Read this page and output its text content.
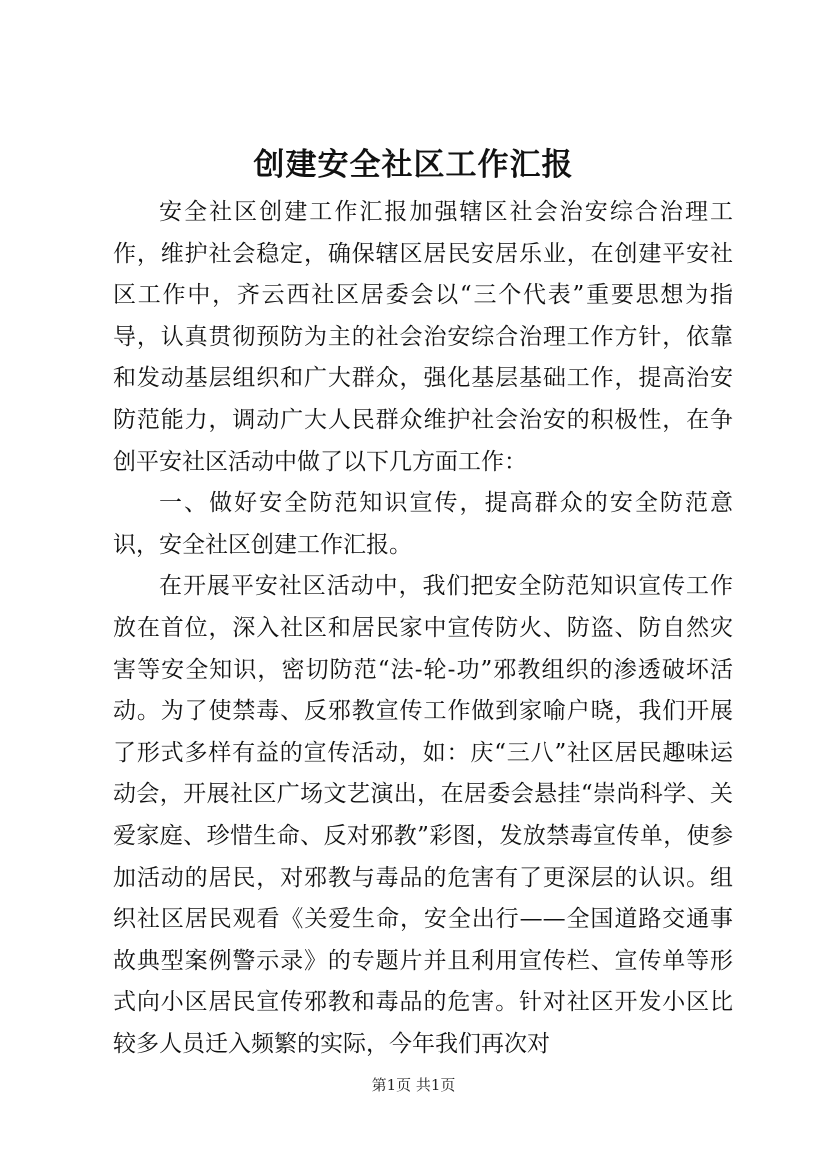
创建安全社区工作汇报

安全社区创建工作汇报加强辖区社会治安综合治理工作，维护社会稳定，确保辖区居民安居乐业，在创建平安社区工作中，齐云西社区居委会以“三个代表”重要思想为指导，认真贯彻预防为主的社会治安综合治理工作方针，依靠和发动基层组织和广大群众，强化基层基础工作，提高治安防范能力，调动广大人民群众维护社会治安的积极性，在争创平安社区活动中做了以下几方面工作：

一、做好安全防范知识宣传，提高群众的安全防范意识，安全社区创建工作汇报。

在开展平安社区活动中，我们把安全防范知识宣传工作放在首位，深入社区和居民家中宣传防火、防盗、防自然灾害等安全知识，密切防范“法-轮-功”邪教组织的渗透破坏活动。为了使禁毒、反邪教宣传工作做到家喻户晓，我们开展了形式多样有益的宣传活动，如：庆“三八”社区居民趣味运动会，开展社区广场文艺演出，在居委会悬挂“崇尚科学、关爱家庭、珍惜生命、反对邪教”彩图，发放禁毒宣传单，使参加活动的居民，对邪教与毒品的危害有了更深层的认识。组织社区居民观看《关爱生命，安全出行——全国道路交通事故典型案例警示录》的专题片并且利用宣传栏、宣传单等形式向小区居民宣传邪教和毒品的危害。针对社区开发小区比较多人员迁入频繁的实际，今年我们再次对

第1页 共1页
